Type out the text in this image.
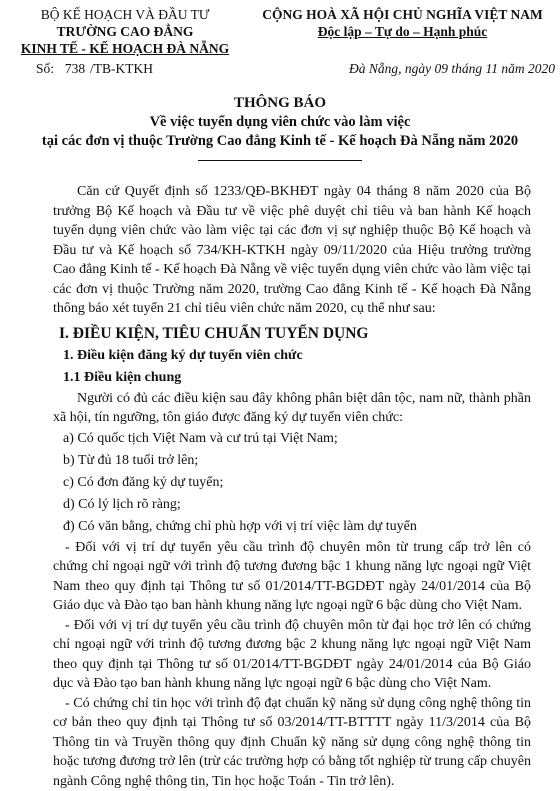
BỘ KẾ HOẠCH VÀ ĐẦU TƯ
TRƯỜNG CAO ĐẲNG
KINH TẾ - KẾ HOẠCH ĐÀ NẴNG
Số: 738 /TB-KTKH
CỘNG HOÀ XÃ HỘI CHỦ NGHĨA VIỆT NAM
Độc lập – Tự do – Hạnh phúc
Đà Nẵng, ngày 09 tháng 11 năm 2020
THÔNG BÁO
Về việc tuyển dụng viên chức vào làm việc
tại các đơn vị thuộc Trường Cao đẳng Kinh tế - Kế hoạch Đà Nẵng năm 2020

Căn cứ Quyết định số 1233/QĐ-BKHĐT ngày 04 tháng 8 năm 2020 của Bộ trưởng Bộ Kế hoạch và Đầu tư về việc phê duyệt chỉ tiêu và ban hành Kế hoạch tuyển dụng viên chức vào làm việc tại các đơn vị sự nghiệp thuộc Bộ Kế hoạch và Đầu tư và Kế hoạch số 734/KH-KTKH ngày 09/11/2020 của Hiệu trưởng trường Cao đẳng Kinh tế - Kế hoạch Đà Nẵng về việc tuyển dụng viên chức vào làm việc tại các đơn vị thuộc Trường năm 2020, trường Cao đẳng Kinh tế - Kế hoạch Đà Nẵng thông báo xét tuyển 21 chỉ tiêu viên chức năm 2020, cụ thể như sau:

I. ĐIỀU KIỆN, TIÊU CHUẨN TUYỂN DỤNG

1. Điều kiện đăng ký dự tuyển viên chức

1.1 Điều kiện chung

Người có đủ các điều kiện sau đây không phân biệt dân tộc, nam nữ, thành phần xã hội, tín ngưỡng, tôn giáo được đăng ký dự tuyển viên chức:

a) Có quốc tịch Việt Nam và cư trú tại Việt Nam;

b) Từ đủ 18 tuổi trở lên;

c) Có đơn đăng ký dự tuyển;

d) Có lý lịch rõ ràng;

đ) Có văn bằng, chứng chỉ phù hợp với vị trí việc làm dự tuyển

- Đối với vị trí dự tuyển yêu cầu trình độ chuyên môn từ trung cấp trở lên có chứng chỉ ngoại ngữ với trình độ tương đương bậc 1 khung năng lực ngoại ngữ Việt Nam theo quy định tại Thông tư số 01/2014/TT-BGDĐT ngày 24/01/2014 của Bộ Giáo dục và Đào tạo ban hành khung năng lực ngoại ngữ 6 bậc dùng cho Việt Nam.

- Đối với vị trí dự tuyển yêu cầu trình độ chuyên môn từ đại học trở lên có chứng chỉ ngoại ngữ với trình độ tương đương bậc 2 khung năng lực ngoại ngữ Việt Nam theo quy định tại Thông tư số 01/2014/TT-BGDĐT ngày 24/01/2014 của Bộ Giáo dục và Đào tạo ban hành khung năng lực ngoại ngữ 6 bậc dùng cho Việt Nam.

- Có chứng chỉ tin học với trình độ đạt chuẩn kỹ năng sử dụng công nghệ thông tin cơ bản theo quy định tại Thông tư số 03/2014/TT-BTTTT ngày 11/3/2014 của Bộ Thông tin và Truyền thông quy định Chuẩn kỹ năng sử dụng công nghệ thông tin hoặc tương đương trở lên (trừ các trường hợp có bằng tốt nghiệp từ trung cấp chuyên ngành Công nghệ thông tin, Tin học hoặc Toán - Tin trở lên).
